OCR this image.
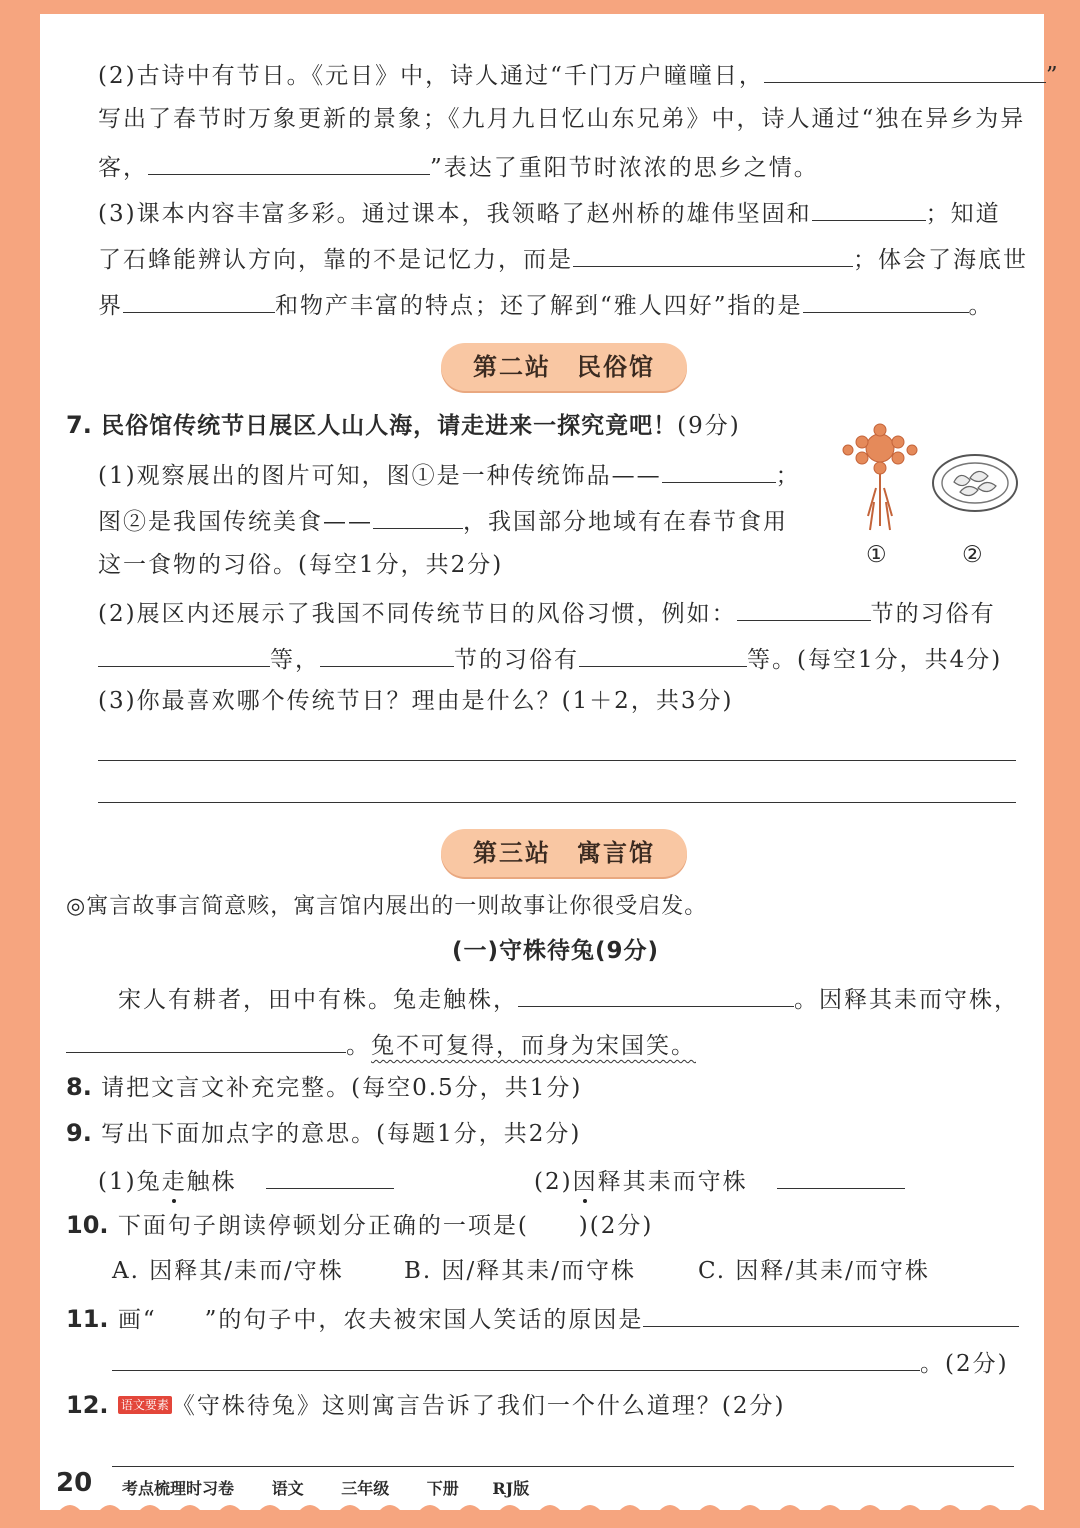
(2)古诗中有节日。《元日》中，诗人通过“千门万户曈曈日，	”
写出了春节时万象更新的景象；《九月九日忆山东兄弟》中，诗人通过“独在异乡为异
客，	”表达了重阳节时浓浓的思乡之情。
(3)课本内容丰富多彩。通过课本，我领略了赵州桥的雄伟坚固和	；知道
了石蜂能辨认方向，靠的不是记忆力，而是	；体会了海底世
界	和物产丰富的特点；还了解到“雅人四好”指的是	。
第二站　民俗馆
7. 民俗馆传统节日展区人山人海，请走进来一探究竟吧！(9分)
(1)观察展出的图片可知，图①是一种传统饰品——	；
图②是我国传统美食——	，我国部分地域有在春节食用
这一食物的习俗。(每空1分，共2分)	①	②
(2)展区内还展示了我国不同传统节日的风俗习惯，例如：	节的习俗有
等，	节的习俗有	等。(每空1分，共4分)
(3)你最喜欢哪个传统节日？理由是什么？(1＋2，共3分)
第三站　寓言馆
◎寓言故事言简意赅，寓言馆内展出的一则故事让你很受启发。
(一)守株待兔(9分)
宋人有耕者，田中有株。兔走触株，	。因释其耒而守株，
。兔不可复得，而身为宋国笑。
8. 请把文言文补充完整。(每空0.5分，共1分)
9. 写出下面加点字的意思。(每题1分，共2分)
(1)兔走触株	(2)因释其耒而守株
10. 下面句子朗读停顿划分正确的一项是(　　)(2分)
A. 因释其/耒而/守株	B. 因/释其耒/而守株	C. 因释/其耒/而守株
11. 画“ ”的句子中，农夫被宋国人笑话的原因是
。(2分)
12. 语文要素 《守株待兔》这则寓言告诉了我们一个什么道理？(2分)
20 考点梳理时习卷 语文 三年级 下册 RJ版
